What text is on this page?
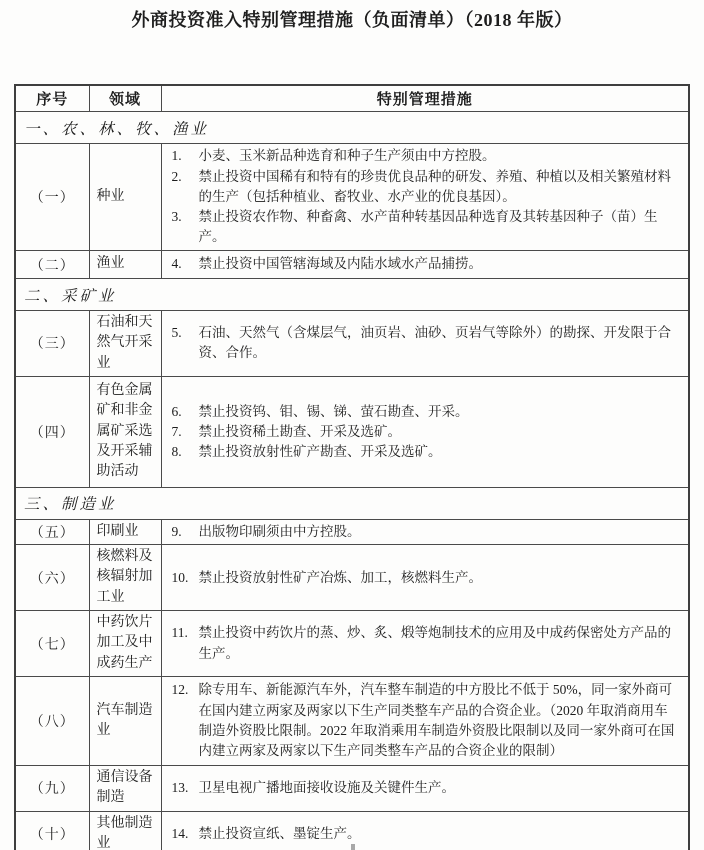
外商投资准入特别管理措施（负面清单）（2018 年版）
序号	领域	特别管理措施
一、农、林、牧、渔业		
（一）	种业	
1. 小麦、玉米新品种选育和种子生产须由中方控股。
2. 禁止投资中国稀有和特有的珍贵优良品种的研发、养殖、种植以及相关繁殖材料的生产（包括种植业、畜牧业、水产业的优良基因）。
3. 禁止投资农作物、种畜禽、水产苗种转基因品种选育及其转基因种子（苗）生产。

（二）	渔业	4. 禁止投资中国管辖海域及内陆水域水产品捕捞。

二、采矿业		
（三）	石油和天然气开采业	5. 石油、天然气（含煤层气，油页岩、油砂、页岩气等除外）的勘探、开发限于合资、合作。

（四）	有色金属矿和非金属矿采选及开采辅助活动	
6. 禁止投资钨、钼、锡、锑、萤石勘查、开采。
7. 禁止投资稀土勘查、开采及选矿。
8. 禁止投资放射性矿产勘查、开采及选矿。

三、制造业		
（五）	印刷业	9. 出版物印刷须由中方控股。

（六）	核燃料及核辐射加工业	10. 禁止投资放射性矿产冶炼、加工，核燃料生产。

（七）	中药饮片加工及中成药生产	11. 禁止投资中药饮片的蒸、炒、炙、煅等炮制技术的应用及中成药保密处方产品的生产。

（八）	汽车制造业	12. 除专用车、新能源汽车外，汽车整车制造的中方股比不低于 50%，同一家外商可在国内建立两家及两家以下生产同类整车产品的合资企业。（2020 年取消商用车制造外资股比限制。2022 年取消乘用车制造外资股比限制以及同一家外商可在国内建立两家及两家以下生产同类整车产品的合资企业的限制）

（九）	通信设备制造	13. 卫星电视广播地面接收设施及关键件生产。

（十）	其他制造业	14. 禁止投资宣纸、墨锭生产。
